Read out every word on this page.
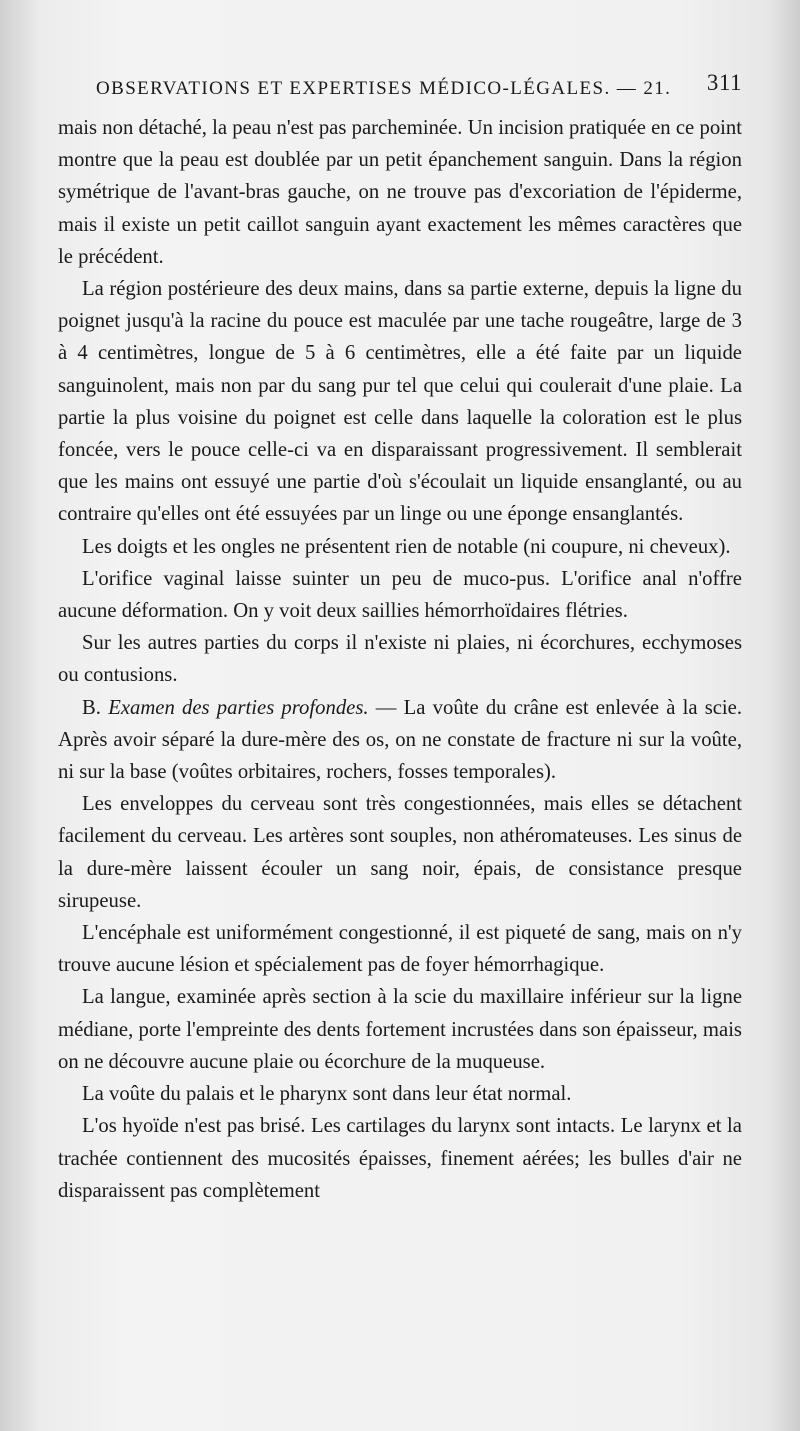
OBSERVATIONS ET EXPERTISES MÉDICO-LÉGALES. — 21. 311

mais non détaché, la peau n'est pas parcheminée. Un incision pratiquée en ce point montre que la peau est doublée par un petit épanchement sanguin. Dans la région symétrique de l'avant-bras gauche, on ne trouve pas d'excoriation de l'épiderme, mais il existe un petit caillot sanguin ayant exactement les mêmes caractères que le précédent.

La région postérieure des deux mains, dans sa partie externe, depuis la ligne du poignet jusqu'à la racine du pouce est maculée par une tache rougeâtre, large de 3 à 4 centimètres, longue de 5 à 6 centimètres, elle a été faite par un liquide sanguinolent, mais non par du sang pur tel que celui qui coulerait d'une plaie. La partie la plus voisine du poignet est celle dans laquelle la coloration est le plus foncée, vers le pouce celle-ci va en disparaissant progressivement. Il semblerait que les mains ont essuyé une partie d'où s'écoulait un liquide ensanglanté, ou au contraire qu'elles ont été essuyées par un linge ou une éponge ensanglantés.

Les doigts et les ongles ne présentent rien de notable (ni coupure, ni cheveux).

L'orifice vaginal laisse suinter un peu de muco-pus. L'orifice anal n'offre aucune déformation. On y voit deux saillies hémorrhoïdaires flétries.

Sur les autres parties du corps il n'existe ni plaies, ni écorchures, ecchymoses ou contusions.

B. Examen des parties profondes. — La voûte du crâne est enlevée à la scie. Après avoir séparé la dure-mère des os, on ne constate de fracture ni sur la voûte, ni sur la base (voûtes orbitaires, rochers, fosses temporales).

Les enveloppes du cerveau sont très congestionnées, mais elles se détachent facilement du cerveau. Les artères sont souples, non athéromateuses. Les sinus de la dure-mère laissent écouler un sang noir, épais, de consistance presque sirupeuse.

L'encéphale est uniformément congestionné, il est piqueté de sang, mais on n'y trouve aucune lésion et spécialement pas de foyer hémorrhagique.

La langue, examinée après section à la scie du maxillaire inférieur sur la ligne médiane, porte l'empreinte des dents fortement incrustées dans son épaisseur, mais on ne découvre aucune plaie ou écorchure de la muqueuse.

La voûte du palais et le pharynx sont dans leur état normal.

L'os hyoïde n'est pas brisé. Les cartilages du larynx sont intacts. Le larynx et la trachée contiennent des mucosités épaisses, finement aérées; les bulles d'air ne disparaissent pas complètement
